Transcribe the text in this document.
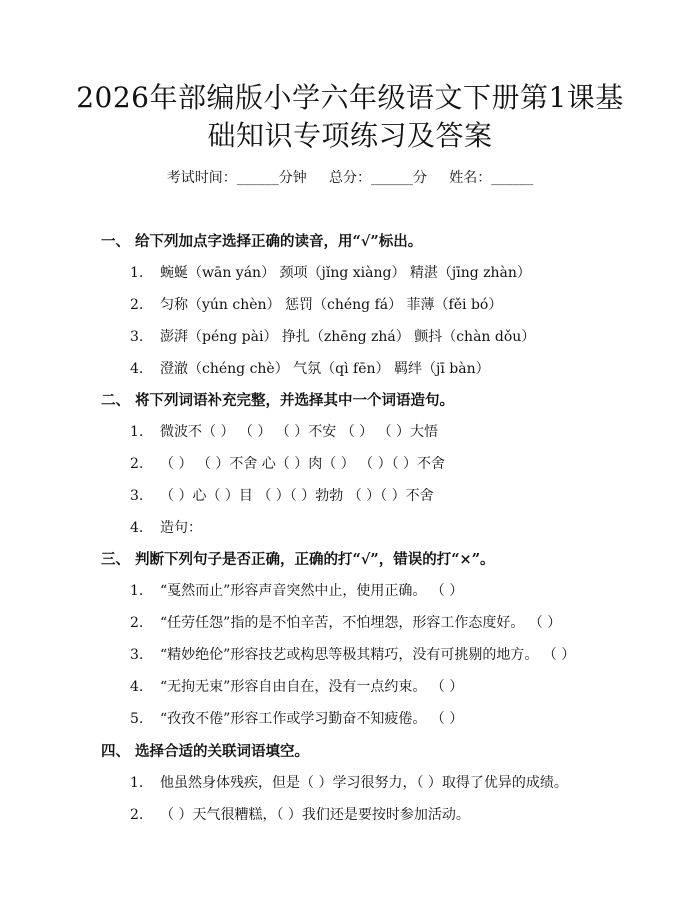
2026年部编版小学六年级语文下册第1课基
础知识专项练习及答案
考试时间：______分钟     总分：______分     姓名：______
一、 给下列加点字选择正确的读音，用“√”标出。
1. 蜿蜒（wān yán） 颈项（jǐng xiàng） 精湛（jīng zhàn）
2. 匀称（yún chèn） 惩罚（chéng fá） 菲薄（fěi bó）
3. 澎湃（péng pài） 挣扎（zhēng zhá） 颤抖（chàn dǒu）
4. 澄澈（chéng chè） 气氛（qì fēn） 羁绊（jī bàn）
二、 将下列词语补充完整，并选择其中一个词语造句。
1. 微波不（ ） （ ） （ ）不安 （ ） （ ）大悟
2. （ ） （ ）不舍 心（ ）肉（ ） （ ）（ ）不舍
3. （ ）心（ ）目 （ ）（ ）勃勃 （ ）（ ）不舍
4. 造句：
三、 判断下列句子是否正确，正确的打“√”，错误的打“×”。
1. “戛然而止”形容声音突然中止，使用正确。 （ ）
2. “任劳任怨”指的是不怕辛苦，不怕埋怨，形容工作态度好。 （ ）
3. “精妙绝伦”形容技艺或构思等极其精巧，没有可挑剔的地方。 （ ）
4. “无拘无束”形容自由自在，没有一点约束。 （ ）
5. “孜孜不倦”形容工作或学习勤奋不知疲倦。 （ ）
四、 选择合适的关联词语填空。
1. 他虽然身体残疾，但是（ ）学习很努力，（ ）取得了优异的成绩。
2. （ ）天气很糟糕，（ ）我们还是要按时参加活动。
